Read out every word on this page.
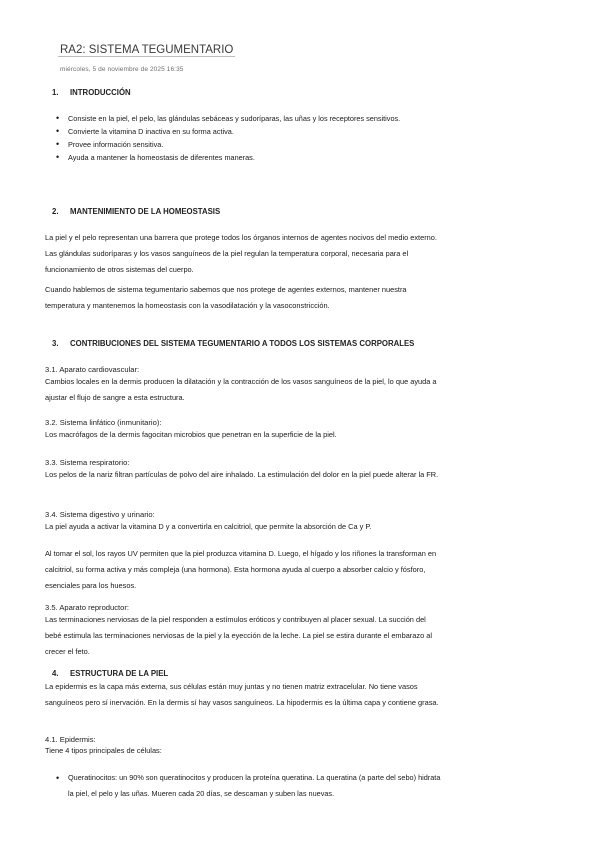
RA2: SISTEMA TEGUMENTARIO
miércoles, 5 de noviembre de 2025 16:35
1. INTRODUCCIÓN
• Consiste en la piel, el pelo, las glándulas sebáceas y sudoríparas, las uñas y los receptores sensitivos.
• Convierte la vitamina D inactiva en su forma activa.
• Provee información sensitiva.
• Ayuda a mantener la homeostasis de diferentes maneras.
2. MANTENIMIENTO DE LA HOMEOSTASIS
La piel y el pelo representan una barrera que protege todos los órganos internos de agentes nocivos del medio externo. Las glándulas sudoríparas y los vasos sanguíneos de la piel regulan la temperatura corporal, necesaria para el funcionamiento de otros sistemas del cuerpo.
Cuando hablemos de sistema tegumentario sabemos que nos protege de agentes externos, mantener nuestra temperatura y mantenemos la homeostasis con la vasodilatación y la vasoconstricción.
3. CONTRIBUCIONES DEL SISTEMA TEGUMENTARIO A TODOS LOS SISTEMAS CORPORALES
3.1. Aparato cardiovascular:
Cambios locales en la dermis producen la dilatación y la contracción de los vasos sanguíneos de la piel, lo que ayuda a ajustar el flujo de sangre a esta estructura.
3.2. Sistema linfático (inmunitario):
Los macrófagos de la dermis fagocitan microbios que penetran en la superficie de la piel.
3.3. Sistema respiratorio:
Los pelos de la nariz filtran partículas de polvo del aire inhalado. La estimulación del dolor en la piel puede alterar la FR.
3.4. Sistema digestivo y urinario:
La piel ayuda a activar la vitamina D y a convertirla en calcitriol, que permite la absorción de Ca y P.
Al tomar el sol, los rayos UV permiten que la piel produzca vitamina D. Luego, el hígado y los riñones la transforman en calcitriol, su forma activa y más compleja (una hormona). Esta hormona ayuda al cuerpo a absorber calcio y fósforo, esenciales para los huesos.
3.5. Aparato reproductor:
Las terminaciones nerviosas de la piel responden a estímulos eróticos y contribuyen al placer sexual. La succión del bebé estimula las terminaciones nerviosas de la piel y la eyección de la leche. La piel se estira durante el embarazo al crecer el feto.
4. ESTRUCTURA DE LA PIEL
La epidermis es la capa más externa, sus células están muy juntas y no tienen matriz extracelular. No tiene vasos sanguíneos pero sí inervación. En la dermis sí hay vasos sanguíneos. La hipodermis es la última capa y contiene grasa.
4.1. Epidermis:
Tiene 4 tipos principales de células:
• Queratinocitos: un 90% son queratinocitos y producen la proteína queratina. La queratina (a parte del sebo) hidrata la piel, el pelo y las uñas. Mueren cada 20 días, se descaman y suben las nuevas.
